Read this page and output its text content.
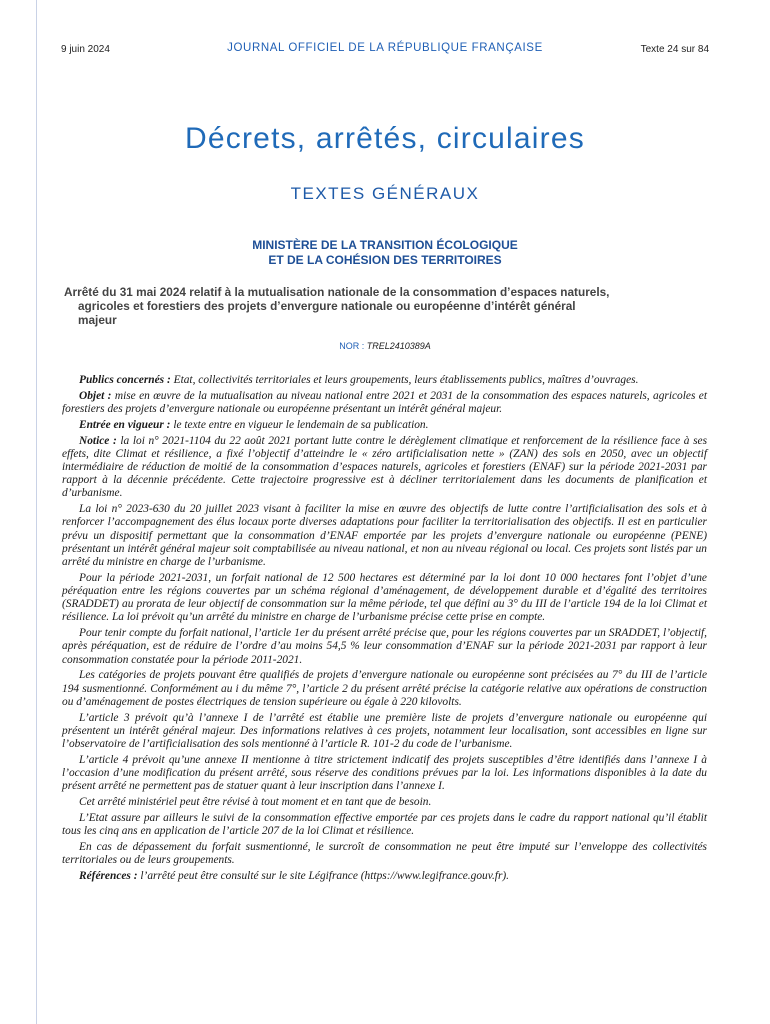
9 juin 2024	JOURNAL OFFICIEL DE LA RÉPUBLIQUE FRANÇAISE	Texte 24 sur 84
Décrets, arrêtés, circulaires
TEXTES GÉNÉRAUX
MINISTÈRE DE LA TRANSITION ÉCOLOGIQUE
ET DE LA COHÉSION DES TERRITOIRES
Arrêté du 31 mai 2024 relatif à la mutualisation nationale de la consommation d’espaces naturels,
agricoles et forestiers des projets d’envergure nationale ou européenne d’intérêt général
majeur
NOR : TREL2410389A

Publics concernés : Etat, collectivités territoriales et leurs groupements, leurs établissements publics, maîtres d’ouvrages.

Objet : mise en œuvre de la mutualisation au niveau national entre 2021 et 2031 de la consommation des espaces naturels, agricoles et forestiers des projets d’envergure nationale ou européenne présentant un intérêt général majeur.

Entrée en vigueur : le texte entre en vigueur le lendemain de sa publication.

Notice : la loi n° 2021-1104 du 22 août 2021 portant lutte contre le dérèglement climatique et renforcement de la résilience face à ses effets, dite Climat et résilience, a fixé l’objectif d’atteindre le « zéro artificialisation nette » (ZAN) des sols en 2050, avec un objectif intermédiaire de réduction de moitié de la consommation d’espaces naturels, agricoles et forestiers (ENAF) sur la période 2021-2031 par rapport à la décennie précédente. Cette trajectoire progressive est à décliner territorialement dans les documents de planification et d’urbanisme.

La loi n° 2023-630 du 20 juillet 2023 visant à faciliter la mise en œuvre des objectifs de lutte contre l’artificialisation des sols et à renforcer l’accompagnement des élus locaux porte diverses adaptations pour faciliter la territorialisation des objectifs. Il est en particulier prévu un dispositif permettant que la consommation d’ENAF emportée par les projets d’envergure nationale ou européenne (PENE) présentant un intérêt général majeur soit comptabilisée au niveau national, et non au niveau régional ou local. Ces projets sont listés par un arrêté du ministre en charge de l’urbanisme.

Pour la période 2021-2031, un forfait national de 12 500 hectares est déterminé par la loi dont 10 000 hectares font l’objet d’une péréquation entre les régions couvertes par un schéma régional d’aménagement, de développement durable et d’égalité des territoires (SRADDET) au prorata de leur objectif de consommation sur la même période, tel que défini au 3° du III de l’article 194 de la loi Climat et résilience. La loi prévoit qu’un arrêté du ministre en charge de l’urbanisme précise cette prise en compte.

Pour tenir compte du forfait national, l’article 1er du présent arrêté précise que, pour les régions couvertes par un SRADDET, l’objectif, après péréquation, est de réduire de l’ordre d’au moins 54,5 % leur consommation d’ENAF sur la période 2021-2031 par rapport à leur consommation constatée pour la période 2011-2021.

Les catégories de projets pouvant être qualifiés de projets d’envergure nationale ou européenne sont précisées au 7° du III de l’article 194 susmentionné. Conformément au i du même 7°, l’article 2 du présent arrêté précise la catégorie relative aux opérations de construction ou d’aménagement de postes électriques de tension supérieure ou égale à 220 kilovolts.

L’article 3 prévoit qu’à l’annexe I de l’arrêté est établie une première liste de projets d’envergure nationale ou européenne qui présentent un intérêt général majeur. Des informations relatives à ces projets, notamment leur localisation, sont accessibles en ligne sur l’observatoire de l’artificialisation des sols mentionné à l’article R. 101-2 du code de l’urbanisme.

L’article 4 prévoit qu’une annexe II mentionne à titre strictement indicatif des projets susceptibles d’être identifiés dans l’annexe I à l’occasion d’une modification du présent arrêté, sous réserve des conditions prévues par la loi. Les informations disponibles à la date du présent arrêté ne permettent pas de statuer quant à leur inscription dans l’annexe I.

Cet arrêté ministériel peut être révisé à tout moment et en tant que de besoin.

L’Etat assure par ailleurs le suivi de la consommation effective emportée par ces projets dans le cadre du rapport national qu’il établit tous les cinq ans en application de l’article 207 de la loi Climat et résilience.

En cas de dépassement du forfait susmentionné, le surcroît de consommation ne peut être imputé sur l’enveloppe des collectivités territoriales ou de leurs groupements.

Références : l’arrêté peut être consulté sur le site Légifrance (https://www.legifrance.gouv.fr).
